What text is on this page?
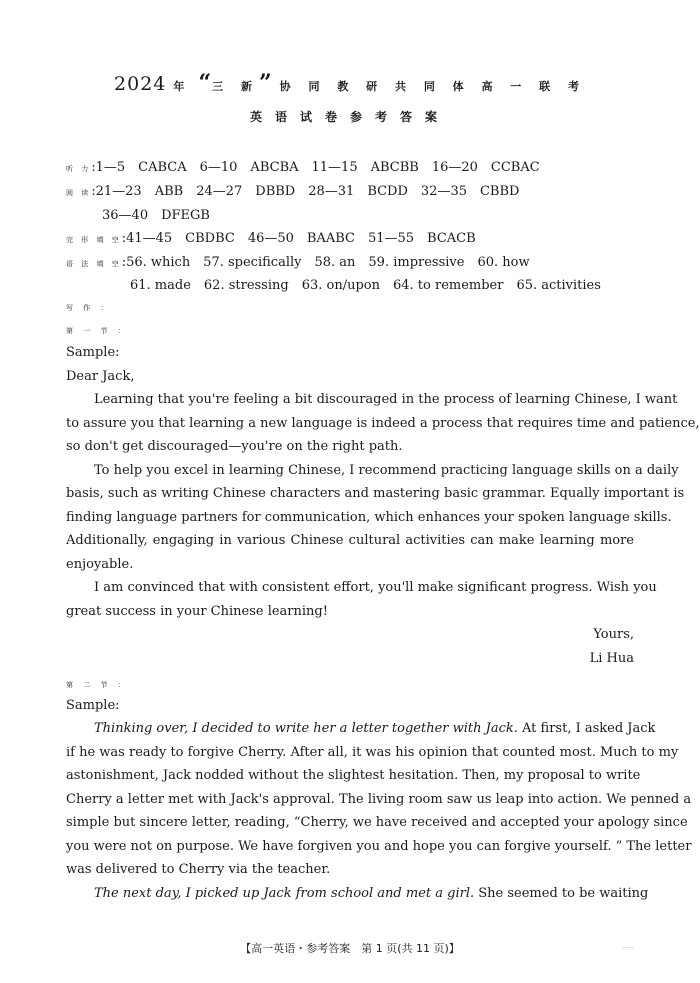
2024 年 “三 新” 协 同 教 研 共 同 体 高 一 联 考
英语试卷参考答案
听 力:1—5　CABCA　6—10　ABCBA　11—15　ABCBB　16—20　CCBAC
阅 读:21—23　ABB　24—27　DBBD　28—31　BCDD　32—35　CBBD
36—40　DFEGB
完 形 填 空:41—45　CBDBC　46—50　BAABC　51—55　BCACB
语 法 填 空:56. which　57. specifically　58. an　59. impressive　60. how
61. made　62. stressing　63. on/upon　64. to remember　65. activities
写 作 ：
第 一 节 ：
Sample:
Dear Jack,
Learning that you're feeling a bit discouraged in the process of learning Chinese, I want
to assure you that learning a new language is indeed a process that requires time and patience,
so don't get discouraged—you're on the right path.
To help you excel in learning Chinese, I recommend practicing language skills on a daily
basis, such as writing Chinese characters and mastering basic grammar. Equally important is
finding language partners for communication, which enhances your spoken language skills.
Additionally, engaging in various Chinese cultural activities can make learning more
enjoyable.
I am convinced that with consistent effort, you'll make significant progress. Wish you
great success in your Chinese learning!
Yours,
Li Hua
第 二 节 ：
Sample:
Thinking over, I decided to write her a letter together with Jack. At first, I asked Jack
if he was ready to forgive Cherry. After all, it was his opinion that counted most. Much to my
astonishment, Jack nodded without the slightest hesitation. Then, my proposal to write
Cherry a letter met with Jack's approval. The living room saw us leap into action. We penned a
simple but sincere letter, reading, “Cherry, we have received and accepted your apology since
you were not on purpose. We have forgiven you and hope you can forgive yourself. ” The letter
was delivered to Cherry via the teacher.
The next day, I picked up Jack from school and met a girl. She seemed to be waiting
【高一英语・参考答案　第 1 页(共 11 页)】	——
